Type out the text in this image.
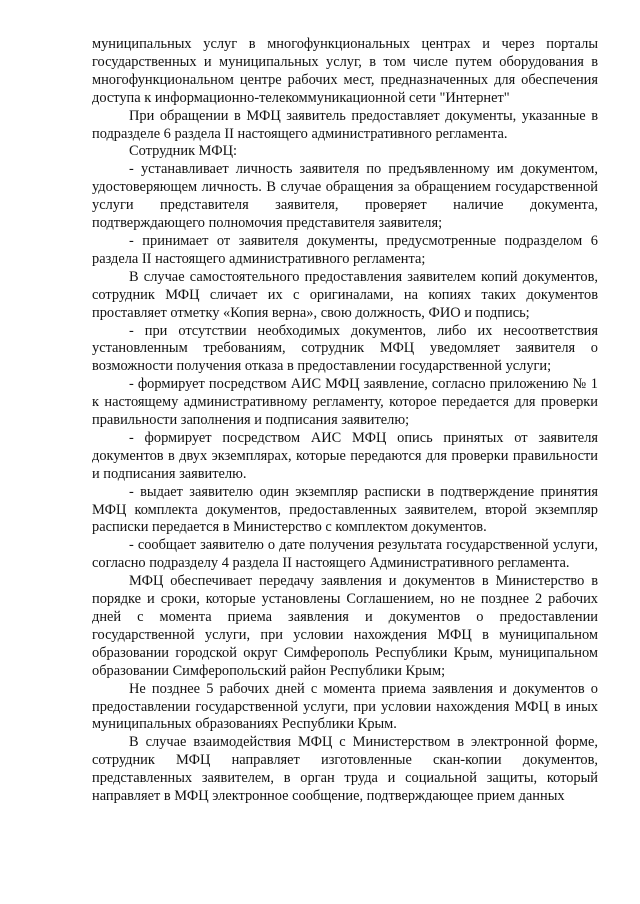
муниципальных услуг в многофункциональных центрах и через порталы государственных и муниципальных услуг, в том числе путем оборудования в многофункциональном центре рабочих мест, предназначенных для обеспечения доступа к информационно-телекоммуникационной сети "Интернет"

При обращении в МФЦ заявитель предоставляет документы, указанные в подразделе 6 раздела II настоящего административного регламента.

Сотрудник МФЦ:

- устанавливает личность заявителя по предъявленному им документом, удостоверяющем личность. В случае обращения за обращением государственной услуги представителя заявителя, проверяет наличие документа, подтверждающего полномочия представителя заявителя;

- принимает от заявителя документы, предусмотренные подразделом 6 раздела II настоящего административного регламента;

В случае самостоятельного предоставления заявителем копий документов, сотрудник МФЦ сличает их с оригиналами, на копиях таких документов проставляет отметку «Копия верна», свою должность, ФИО и подпись;

- при отсутствии необходимых документов, либо их несоответствия установленным требованиям, сотрудник МФЦ уведомляет заявителя о возможности получения отказа в предоставлении государственной услуги;

- формирует посредством АИС МФЦ заявление, согласно приложению № 1 к настоящему административному регламенту, которое передается для проверки правильности заполнения и подписания заявителю;

- формирует посредством АИС МФЦ опись принятых от заявителя документов в двух экземплярах, которые передаются для проверки правильности и подписания заявителю.

- выдает заявителю один экземпляр расписки в подтверждение принятия МФЦ комплекта документов, предоставленных заявителем, второй экземпляр расписки передается в Министерство с комплектом документов.

- сообщает заявителю о дате получения результата государственной услуги, согласно подразделу 4 раздела II настоящего Административного регламента.

МФЦ обеспечивает передачу заявления и документов в Министерство в порядке и сроки, которые установлены Соглашением, но не позднее 2 рабочих дней с момента приема заявления и документов о предоставлении государственной услуги, при условии нахождения МФЦ в муниципальном образовании городской округ Симферополь Республики Крым, муниципальном образовании Симферопольский район Республики Крым;

Не позднее 5 рабочих дней с момента приема заявления и документов о предоставлении государственной услуги, при условии нахождения МФЦ в иных муниципальных образованиях Республики Крым.

В случае взаимодействия МФЦ с Министерством в электронной форме, сотрудник МФЦ направляет изготовленные скан-копии документов, представленных заявителем, в орган труда и социальной защиты, который направляет в МФЦ электронное сообщение, подтверждающее прием данных
